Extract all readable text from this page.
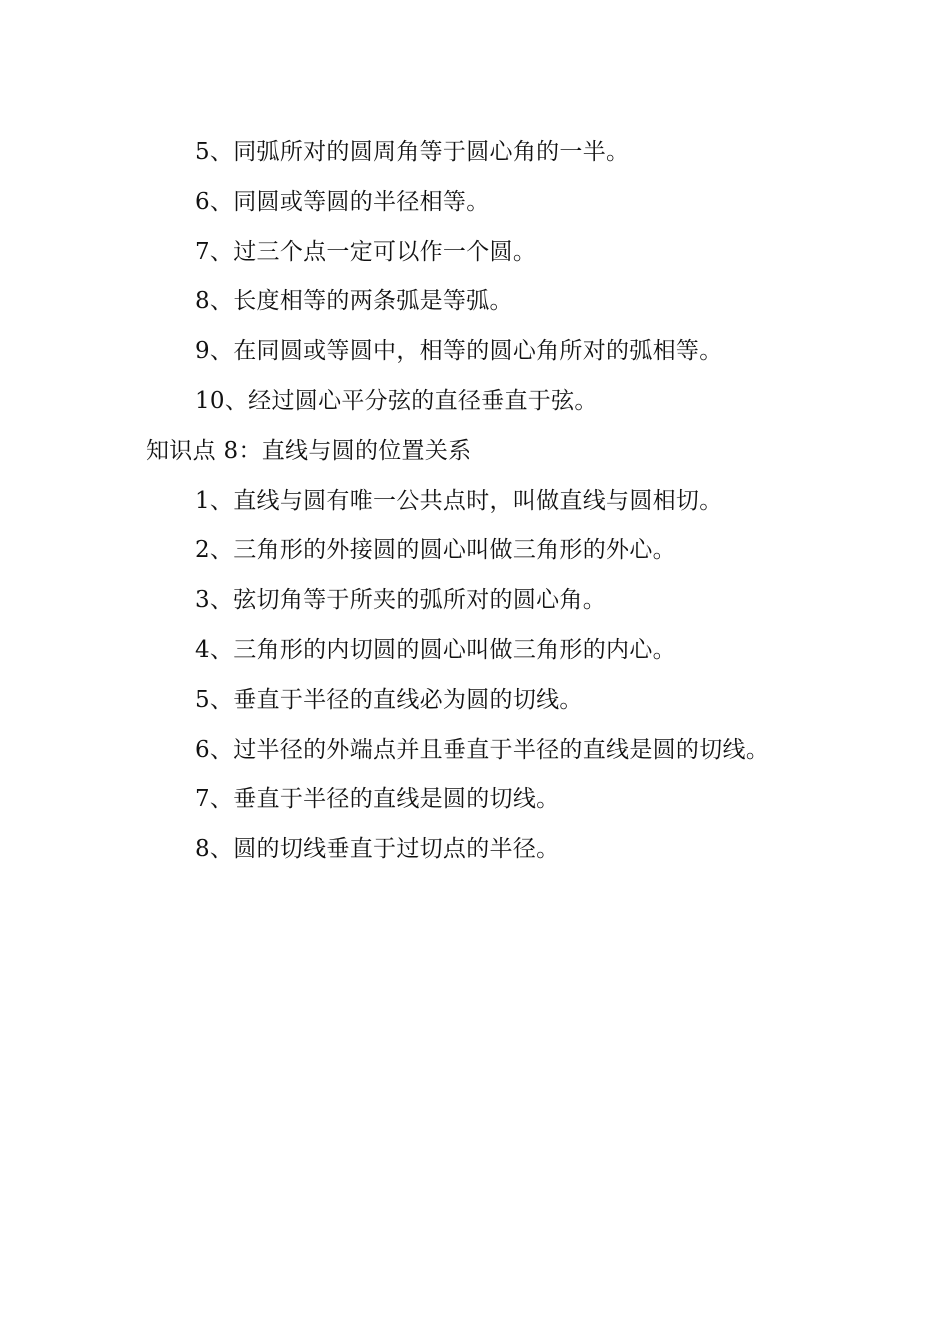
5、同弧所对的圆周角等于圆心角的一半。
6、同圆或等圆的半径相等。
7、过三个点一定可以作一个圆。
8、长度相等的两条弧是等弧。
9、在同圆或等圆中，相等的圆心角所对的弧相等。
10、经过圆心平分弦的直径垂直于弦。
知识点 8：直线与圆的位置关系
1、直线与圆有唯一公共点时，叫做直线与圆相切。
2、三角形的外接圆的圆心叫做三角形的外心。
3、弦切角等于所夹的弧所对的圆心角。
4、三角形的内切圆的圆心叫做三角形的内心。
5、垂直于半径的直线必为圆的切线。
6、过半径的外端点并且垂直于半径的直线是圆的切线。
7、垂直于半径的直线是圆的切线。
8、圆的切线垂直于过切点的半径。
